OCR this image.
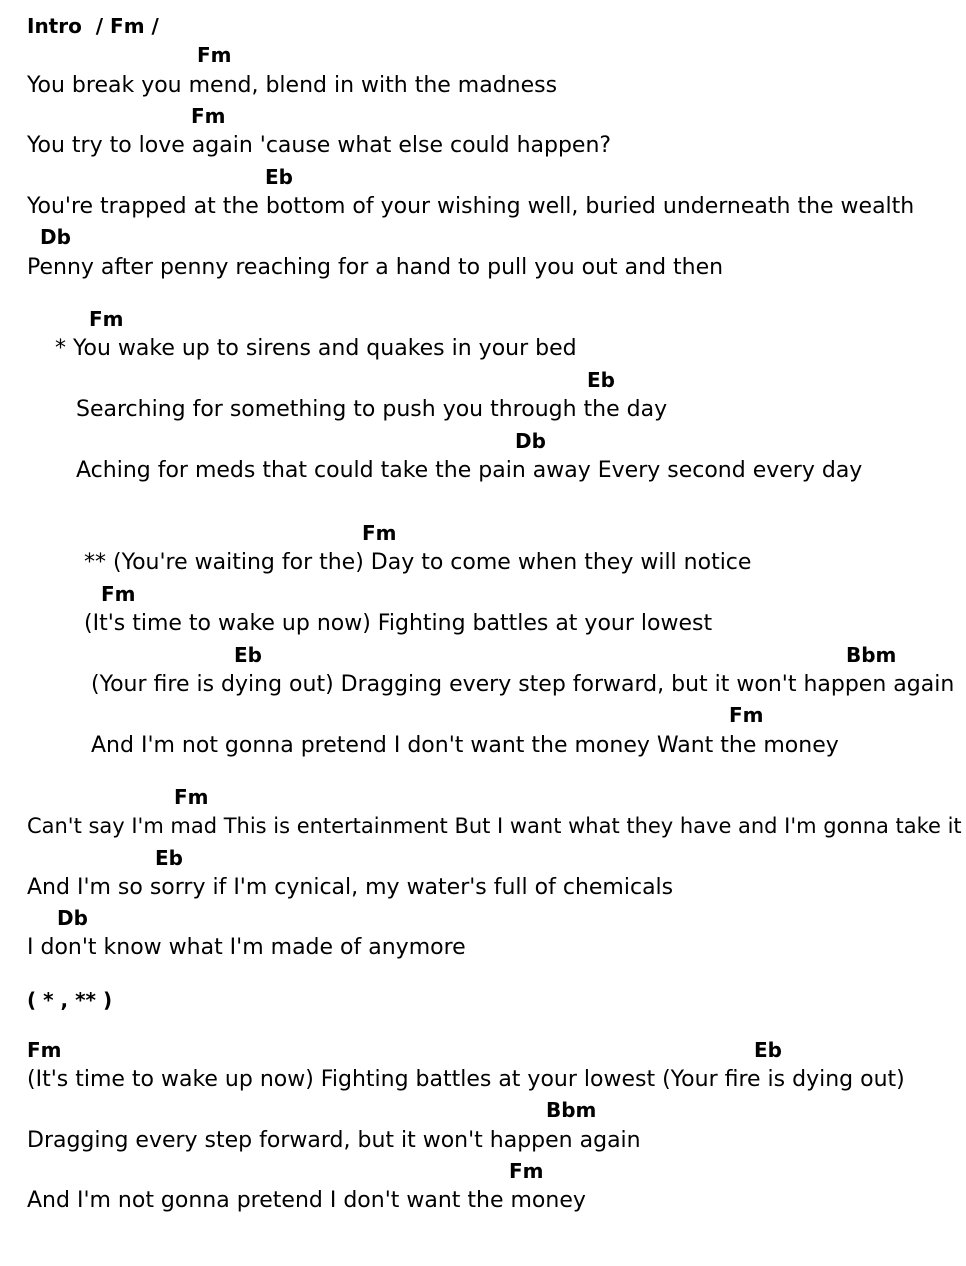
Intro  / Fm /
Fm
You break you mend, blend in with the madness
Fm
You try to love again 'cause what else could happen?
Eb
You're trapped at the bottom of your wishing well, buried underneath the wealth
Db
Penny after penny reaching for a hand to pull you out and then
Fm
* You wake up to sirens and quakes in your bed
Eb
Searching for something to push you through the day
Db
Aching for meds that could take the pain away Every second every day
Fm
** (You're waiting for the) Day to come when they will notice
Fm
(It's time to wake up now) Fighting battles at your lowest
Eb	Bbm
(Your fire is dying out) Dragging every step forward, but it won't happen again
Fm
And I'm not gonna pretend I don't want the money Want the money
Fm
Can't say I'm mad This is entertainment But I want what they have and I'm gonna take it
Eb
And I'm so sorry if I'm cynical, my water's full of chemicals
Db
I don't know what I'm made of anymore
( * , ** )
Fm	Eb
(It's time to wake up now) Fighting battles at your lowest (Your fire is dying out)
Bbm
Dragging every step forward, but it won't happen again
Fm
And I'm not gonna pretend I don't want the money
